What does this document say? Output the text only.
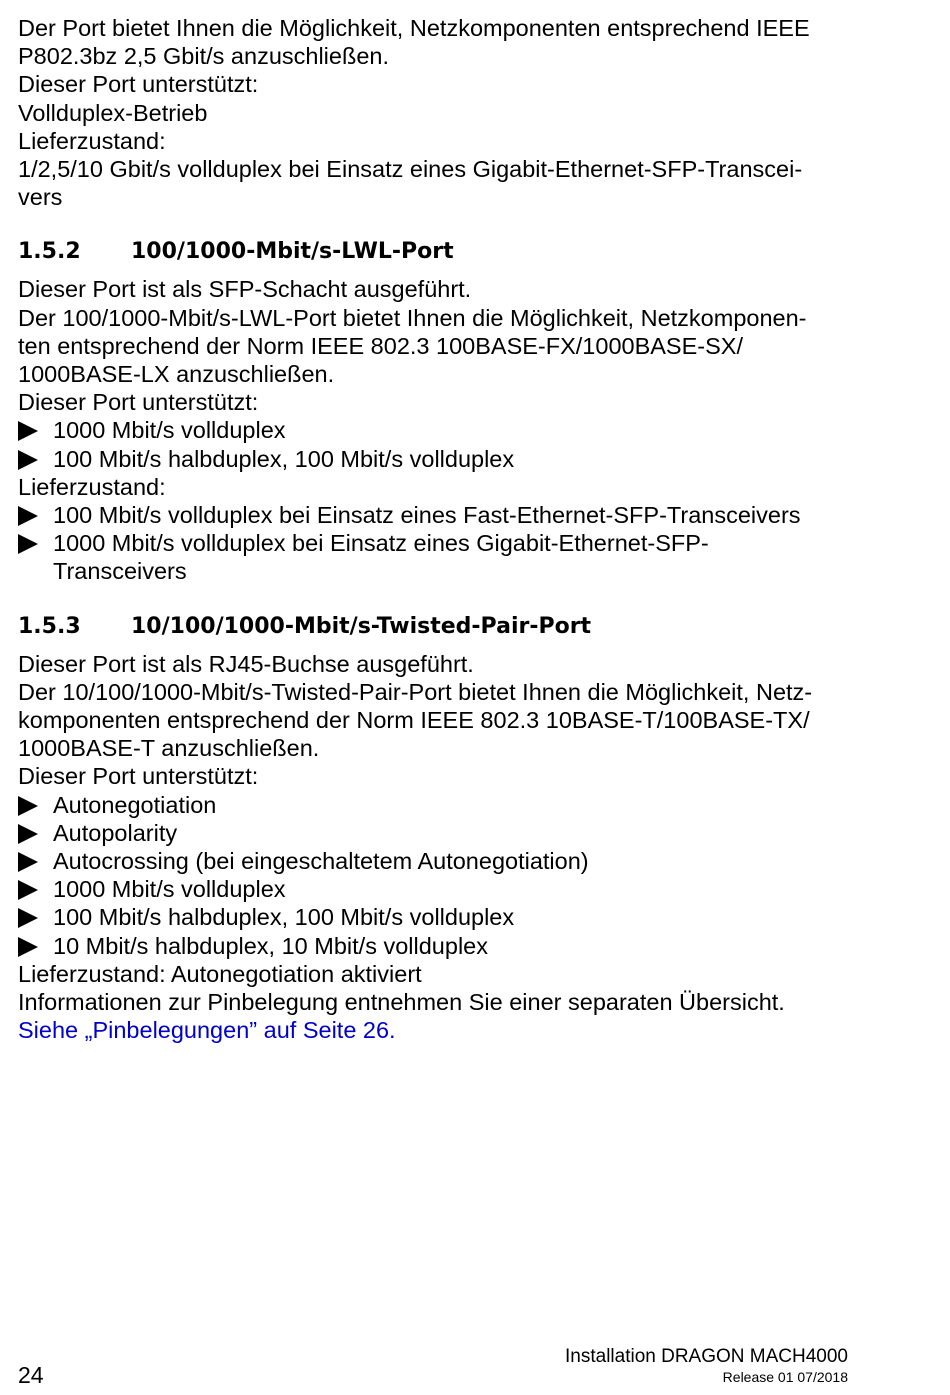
Der Port bietet Ihnen die Möglichkeit, Netzkomponenten entsprechend IEEE
P802.3bz 2,5 Gbit/s anzuschließen.
Dieser Port unterstützt:
Vollduplex-Betrieb
Lieferzustand:
1/2,5/10 Gbit/s vollduplex bei Einsatz eines Gigabit-Ethernet-SFP-Transcei-
vers
1.5.2	100/1000-Mbit/s-LWL-Port
Dieser Port ist als SFP-Schacht ausgeführt.
Der 100/1000-Mbit/s-LWL-Port bietet Ihnen die Möglichkeit, Netzkomponen-
ten entsprechend der Norm IEEE 802.3 100BASE-FX/1000BASE-SX/
1000BASE-LX anzuschließen.
Dieser Port unterstützt:
1000 Mbit/s vollduplex
100 Mbit/s halbduplex, 100 Mbit/s vollduplex
Lieferzustand:
100 Mbit/s vollduplex bei Einsatz eines Fast-Ethernet-SFP-Transceivers
1000 Mbit/s vollduplex bei Einsatz eines Gigabit-Ethernet-SFP-
Transceivers
1.5.3	10/100/1000-Mbit/s-Twisted-Pair-Port
Dieser Port ist als RJ45-Buchse ausgeführt.
Der 10/100/1000-Mbit/s-Twisted-Pair-Port bietet Ihnen die Möglichkeit, Netz-
komponenten entsprechend der Norm IEEE 802.3 10BASE-T/100BASE-TX/
1000BASE-T anzuschließen.
Dieser Port unterstützt:
Autonegotiation
Autopolarity
Autocrossing (bei eingeschaltetem Autonegotiation)
1000 Mbit/s vollduplex
100 Mbit/s halbduplex, 100 Mbit/s vollduplex
10 Mbit/s halbduplex, 10 Mbit/s vollduplex
Lieferzustand: Autonegotiation aktiviert
Informationen zur Pinbelegung entnehmen Sie einer separaten Übersicht.
Siehe „Pinbelegungen” auf Seite 26.
24
Installation DRAGON MACH4000
Release 01 07/2018
